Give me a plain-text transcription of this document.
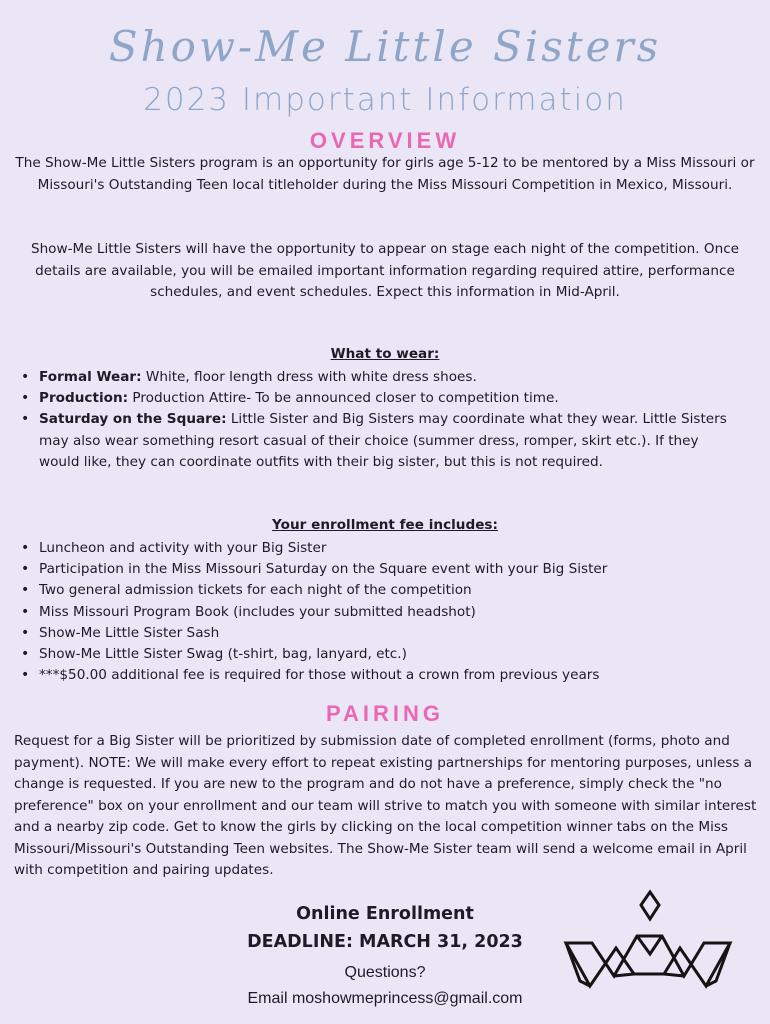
Show-Me Little Sisters
2023 Important Information
OVERVIEW
The Show-Me Little Sisters program is an opportunity for girls age 5-12 to be mentored by a Miss Missouri or Missouri's Outstanding Teen local titleholder during the Miss Missouri Competition in Mexico, Missouri.
Show-Me Little Sisters will have the opportunity to appear on stage each night of the competition. Once details are available, you will be emailed important information regarding required attire, performance schedules, and event schedules. Expect this information in Mid-April.
What to wear:
• Formal Wear: White, floor length dress with white dress shoes.
• Production: Production Attire- To be announced closer to competition time.
• Saturday on the Square: Little Sister and Big Sisters may coordinate what they wear. Little Sisters may also wear something resort casual of their choice (summer dress, romper, skirt etc.). If they would like, they can coordinate outfits with their big sister, but this is not required.
Your enrollment fee includes:
• Luncheon and activity with your Big Sister
• Participation in the Miss Missouri Saturday on the Square event with your Big Sister
• Two general admission tickets for each night of the competition
• Miss Missouri Program Book (includes your submitted headshot)
• Show-Me Little Sister Sash
• Show-Me Little Sister Swag (t-shirt, bag, lanyard, etc.)
• ***$50.00 additional fee is required for those without a crown from previous years
PAIRING
Request for a Big Sister will be prioritized by submission date of completed enrollment (forms, photo and payment). NOTE: We will make every effort to repeat existing partnerships for mentoring purposes, unless a change is requested. If you are new to the program and do not have a preference, simply check the "no preference" box on your enrollment and our team will strive to match you with someone with similar interest and a nearby zip code. Get to know the girls by clicking on the local competition winner tabs on the Miss Missouri/Missouri's Outstanding Teen websites. The Show-Me Sister team will send a welcome email in April with competition and pairing updates.
Online Enrollment
DEADLINE: MARCH 31, 2023
Questions?
Email moshowmeprincess@gmail.com
